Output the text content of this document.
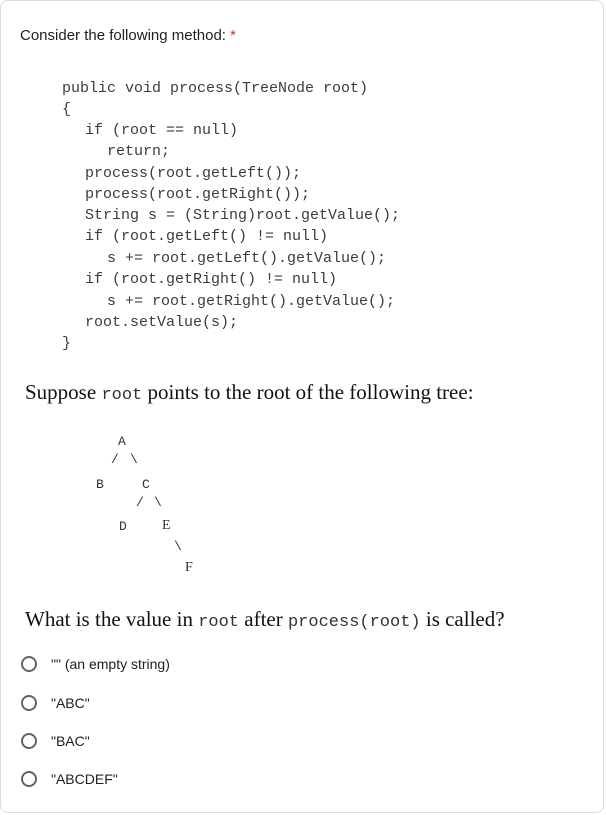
Consider the following method: *
public void process(TreeNode root)
{
if (root == null)
return;
process(root.getLeft());
process(root.getRight());
String s = (String)root.getValue();
if (root.getLeft() != null)
s += root.getLeft().getValue();
if (root.getRight() != null)
s += root.getRight().getValue();
root.setValue(s);
}
Suppose root points to the root of the following tree:
A
/ \
B	C
/ \
D	E
\
F
What is the value in root after process(root) is called?
"" (an empty string)
"ABC"
"BAC"
"ABCDEF"
